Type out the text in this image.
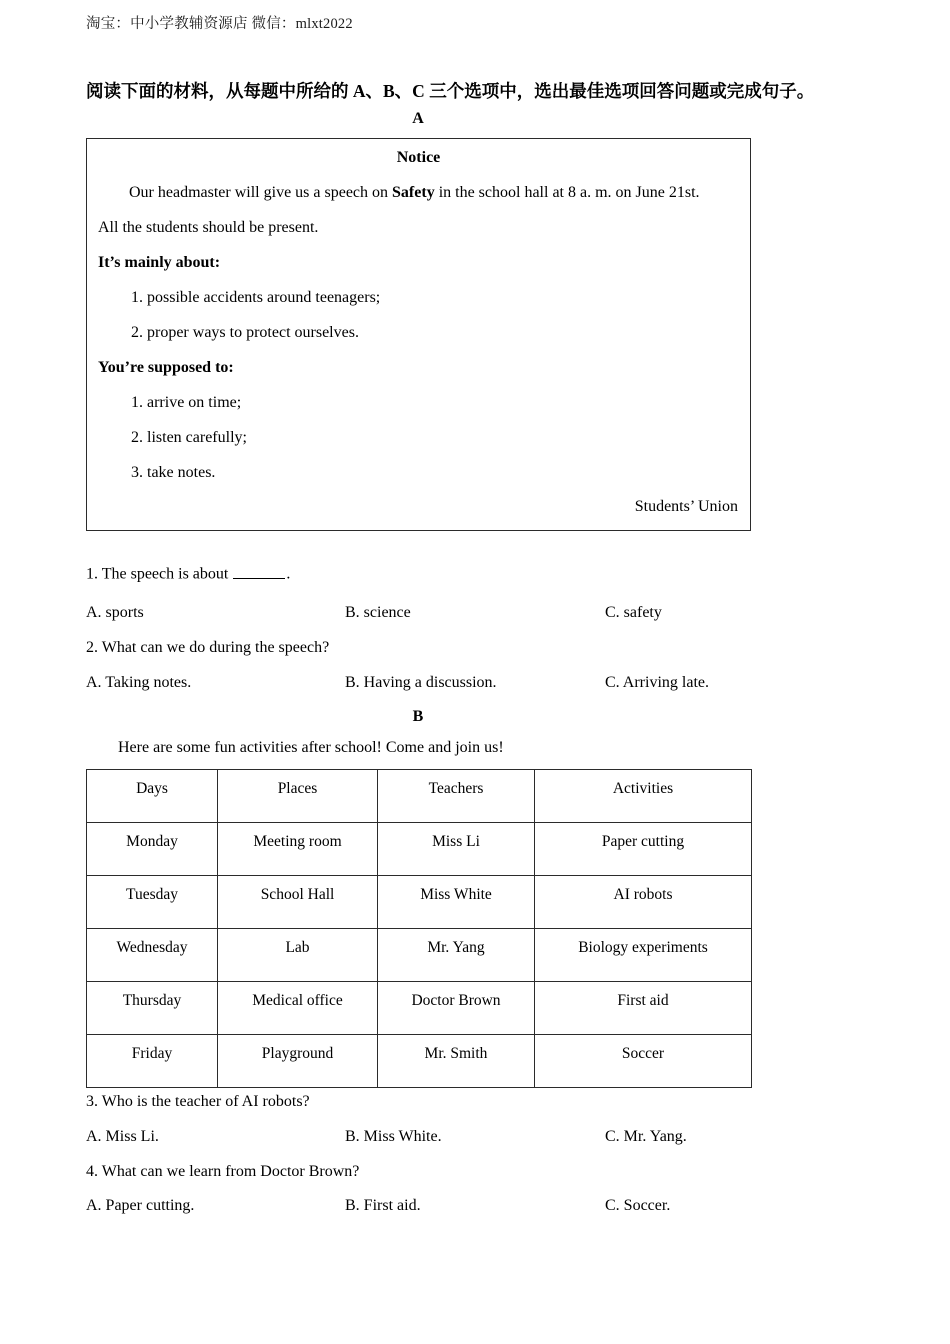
淘宝：中小学教辅资源店 微信：mlxt2022
阅读下面的材料，从每题中所给的 A、B、C 三个选项中，选出最佳选项回答问题或完成句子。
A
Notice
Our headmaster will give us a speech on Safety in the school hall at 8 a. m. on June 21st.
All the students should be present.
It’s mainly about:
1. possible accidents around teenagers;
2. proper ways to protect ourselves.
You’re supposed to:
1. arrive on time;
2. listen carefully;
3. take notes.
Students’ Union
1. The speech is about	.
A. sports	B. science	C. safety
2. What can we do during the speech?
A. Taking notes.	B. Having a discussion.	C. Arriving late.
B
Here are some fun activities after school! Come and join us!
Days	Places	Teachers	Activities
Monday	Meeting room	Miss Li	Paper cutting
Tuesday	School Hall	Miss White	AI robots
Wednesday	Lab	Mr. Yang	Biology experiments
Thursday	Medical office	Doctor Brown	First aid
Friday	Playground	Mr. Smith	Soccer
3. Who is the teacher of AI robots?
A. Miss Li.	B. Miss White.	C. Mr. Yang.
4. What can we learn from Doctor Brown?
A. Paper cutting.	B. First aid.	C. Soccer.
